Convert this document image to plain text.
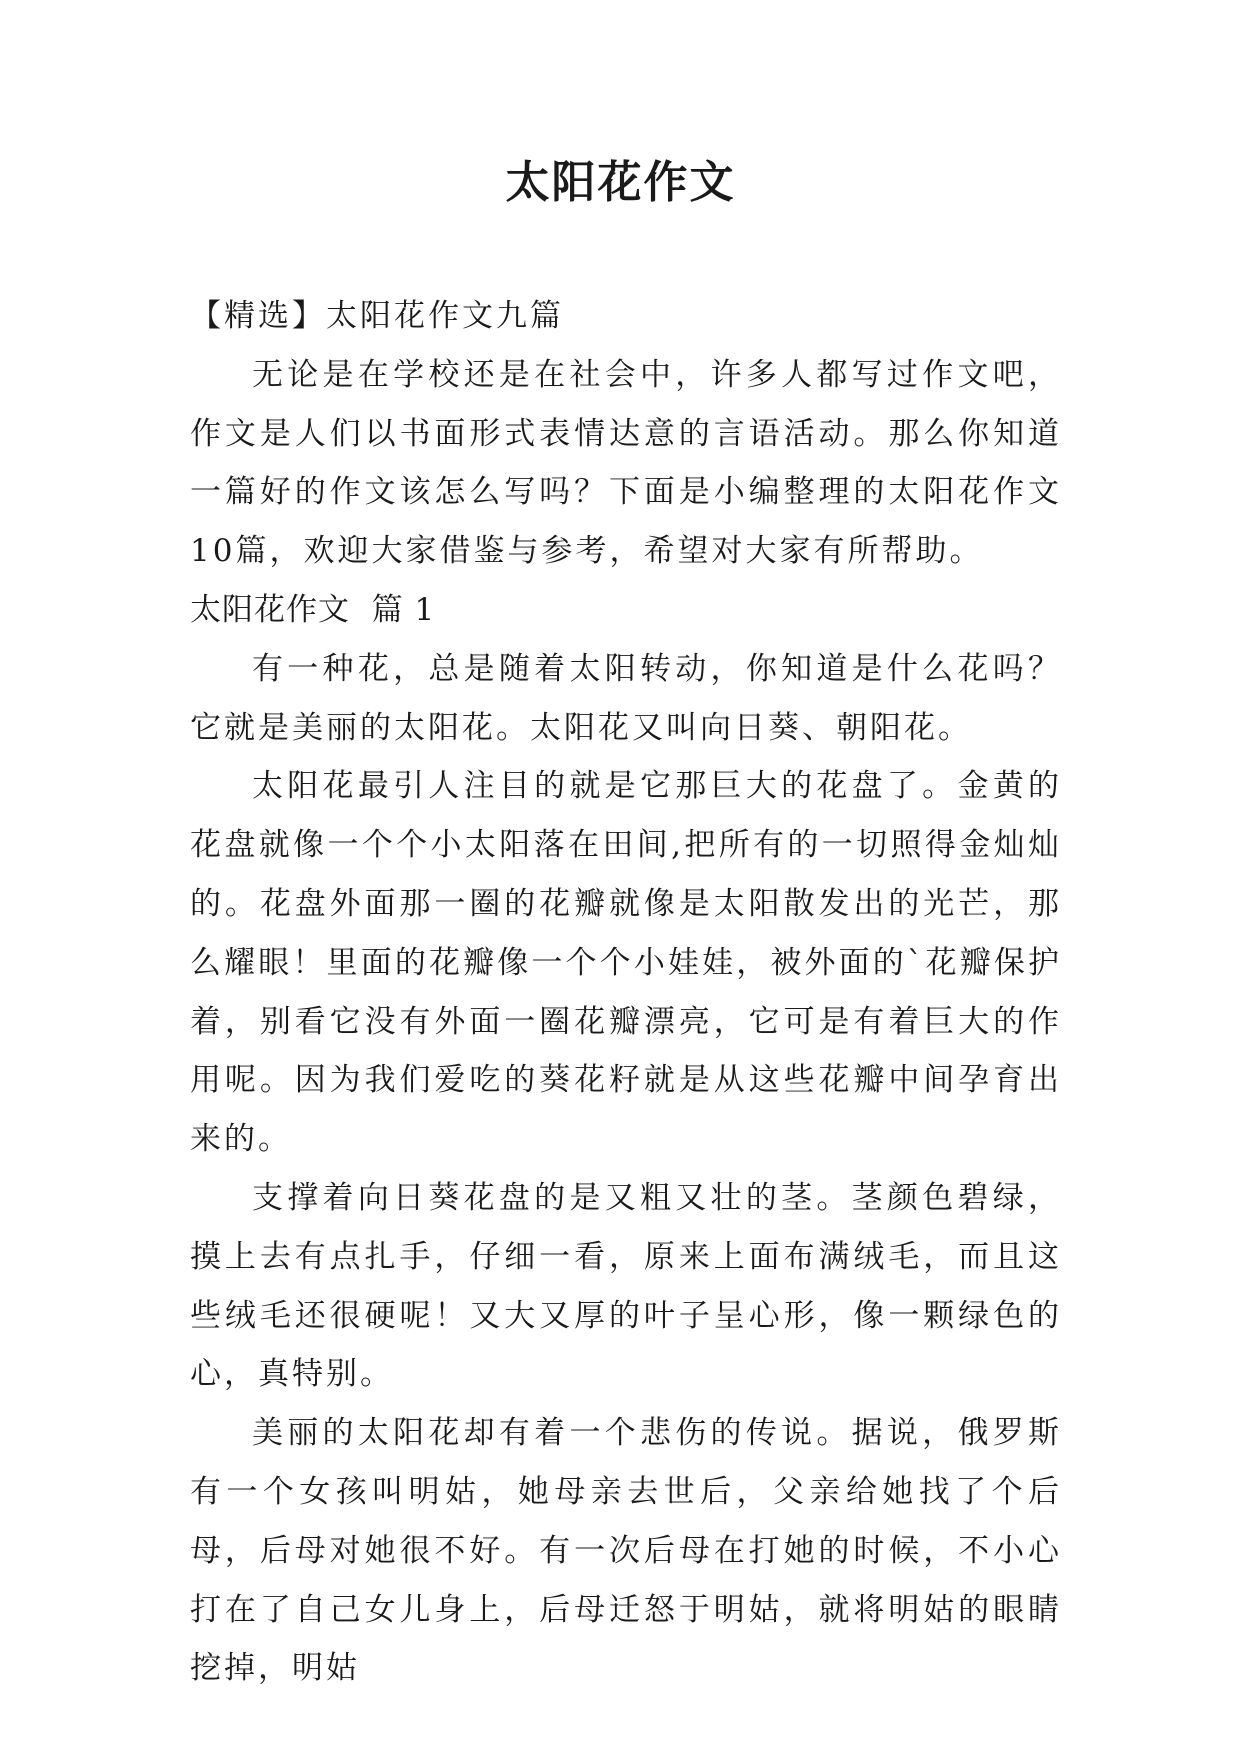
太阳花作文

【精选】太阳花作文九篇

无论是在学校还是在社会中，许多人都写过作文吧，作文是人们以书面形式表情达意的言语活动。那么你知道一篇好的作文该怎么写吗？下面是小编整理的太阳花作文10篇，欢迎大家借鉴与参考，希望对大家有所帮助。

太阳花作文  篇 1

有一种花，总是随着太阳转动，你知道是什么花吗？它就是美丽的太阳花。太阳花又叫向日葵、朝阳花。

太阳花最引人注目的就是它那巨大的花盘了。金黄的花盘就像一个个小太阳落在田间,把所有的一切照得金灿灿的。花盘外面那一圈的花瓣就像是太阳散发出的光芒，那么耀眼！里面的花瓣像一个个小娃娃，被外面的`花瓣保护着，别看它没有外面一圈花瓣漂亮，它可是有着巨大的作用呢。因为我们爱吃的葵花籽就是从这些花瓣中间孕育出来的。

支撑着向日葵花盘的是又粗又壮的茎。茎颜色碧绿，摸上去有点扎手，仔细一看，原来上面布满绒毛，而且这些绒毛还很硬呢！又大又厚的叶子呈心形，像一颗绿色的心，真特别。

美丽的太阳花却有着一个悲伤的传说。据说，俄罗斯有一个女孩叫明姑，她母亲去世后，父亲给她找了个后母，后母对她很不好。有一次后母在打她的时候，不小心打在了自己女儿身上，后母迁怒于明姑，就将明姑的眼睛挖掉，明姑
